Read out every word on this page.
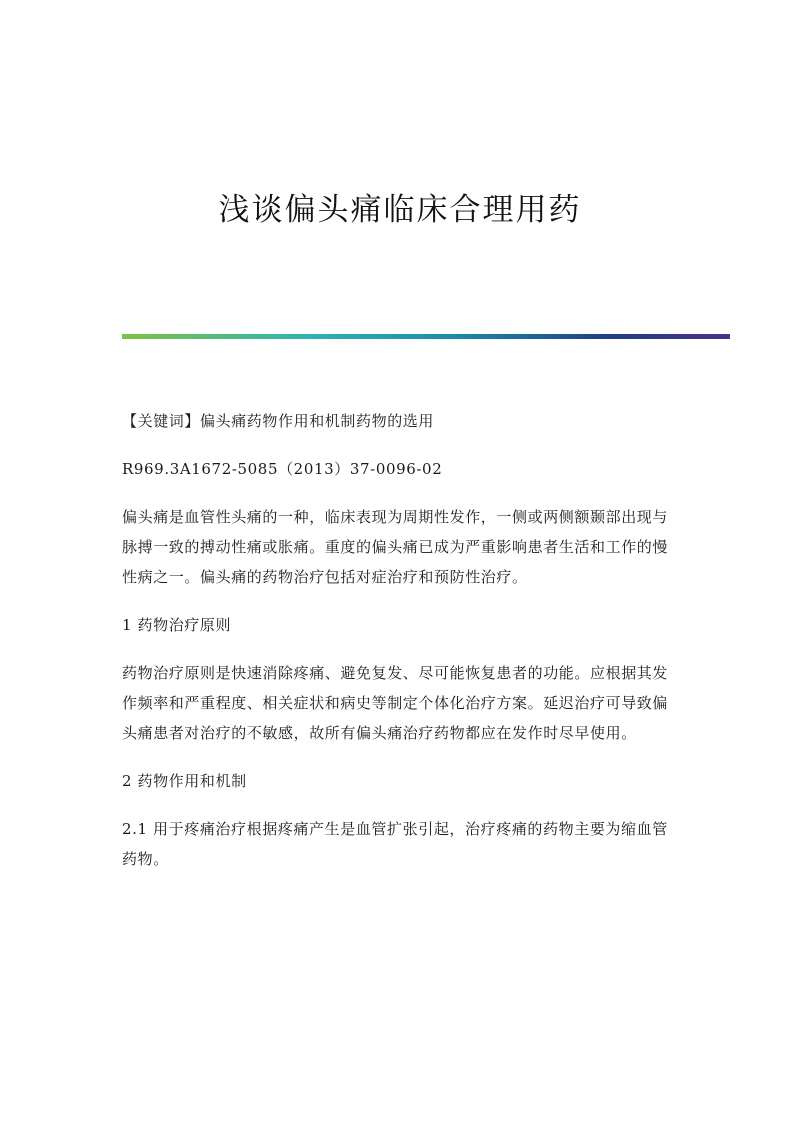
浅谈偏头痛临床合理用药

【关键词】偏头痛药物作用和机制药物的选用

R969.3A1672-5085（2013）37-0096-02

偏头痛是血管性头痛的一种，临床表现为周期性发作，一侧或两侧额颞部出现与脉搏一致的搏动性痛或胀痛。重度的偏头痛已成为严重影响患者生活和工作的慢性病之一。偏头痛的药物治疗包括对症治疗和预防性治疗。

1 药物治疗原则

药物治疗原则是快速消除疼痛、避免复发、尽可能恢复患者的功能。应根据其发作频率和严重程度、相关症状和病史等制定个体化治疗方案。延迟治疗可导致偏头痛患者对治疗的不敏感，故所有偏头痛治疗药物都应在发作时尽早使用。

2 药物作用和机制

2.1 用于疼痛治疗根据疼痛产生是血管扩张引起，治疗疼痛的药物主要为缩血管药物。
